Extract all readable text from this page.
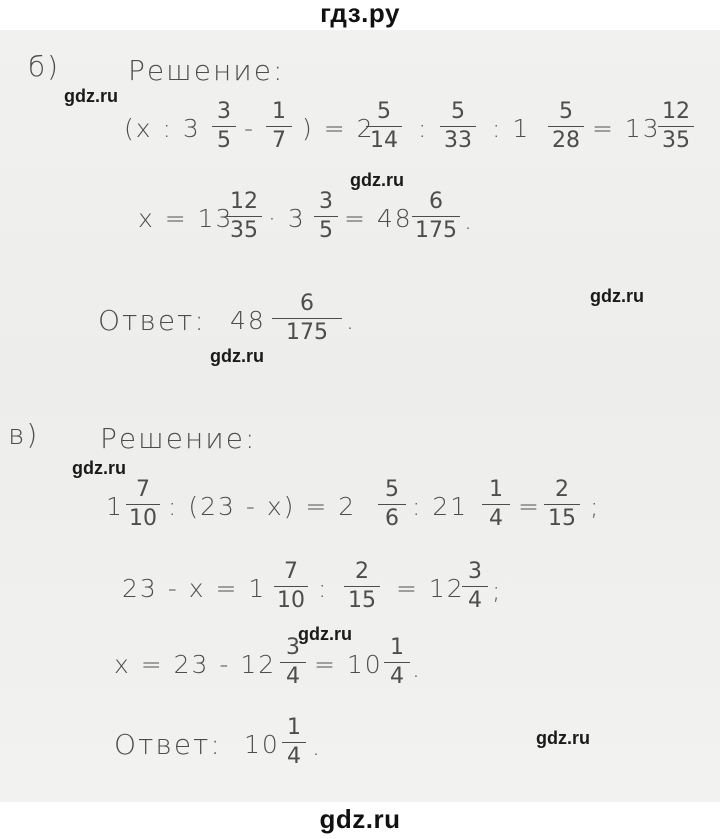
гдз.ру
б) Решение:
(x : 3
3
5 -
1
7 ) = 2
5
14 :
5
33 : 1
5
28 = 13
12
35
x = 13
12
35 · 3
3
5 = 48
6
175 .
Ответ: 48
6
175 .
в) Решение:
1
7
10 : (23 - x) = 2
5
6 : 21
1
4 =
2
15 ;
23 - x = 1
7
10 :
2
15 = 12
3
4 ;
x = 23 - 12
3
4 = 10
1
4 .
Ответ: 10
1
4 .
gdz.ru
gdz.ru
gdz.ru
gdz.ru
gdz.ru
gdz.ru
gdz.ru
gdz.ru
